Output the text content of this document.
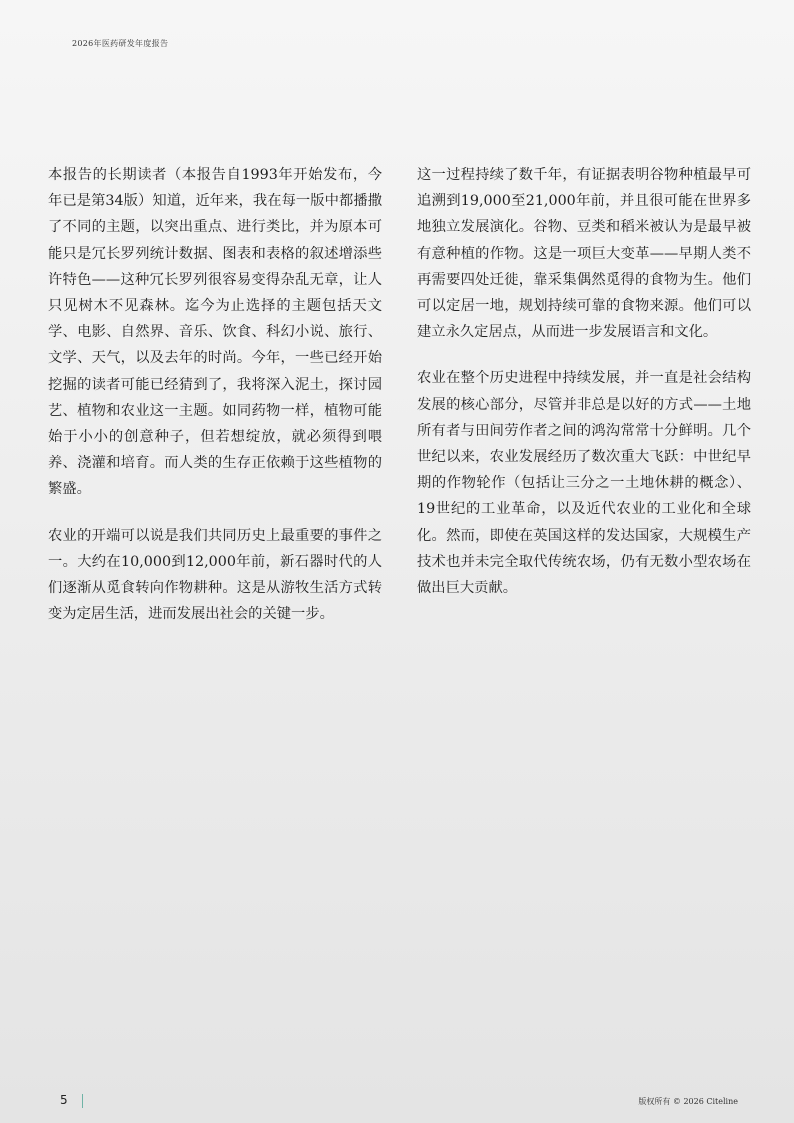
2026年医药研发年度报告

本报告的长期读者（本报告自1993年开始发布，今年已是第34版）知道，近年来，我在每一版中都播撒了不同的主题，以突出重点、进行类比，并为原本可能只是冗长罗列统计数据、图表和表格的叙述增添些许特色——这种冗长罗列很容易变得杂乱无章，让人只见树木不见森林。迄今为止选择的主题包括天文学、电影、自然界、音乐、饮食、科幻小说、旅行、文学、天气，以及去年的时尚。今年，一些已经开始挖掘的读者可能已经猜到了，我将深入泥土，探讨园艺、植物和农业这一主题。如同药物一样，植物可能始于小小的创意种子，但若想绽放，就必须得到喂养、浇灌和培育。而人类的生存正依赖于这些植物的繁盛。

农业的开端可以说是我们共同历史上最重要的事件之一。大约在10,000到12,000年前，新石器时代的人们逐渐从觅食转向作物耕种。这是从游牧生活方式转变为定居生活，进而发展出社会的关键一步。

这一过程持续了数千年，有证据表明谷物种植最早可追溯到19,000至21,000年前，并且很可能在世界多地独立发展演化。谷物、豆类和稻米被认为是最早被有意种植的作物。这是一项巨大变革——早期人类不再需要四处迁徙，靠采集偶然觅得的食物为生。他们可以定居一地，规划持续可靠的食物来源。他们可以建立永久定居点，从而进一步发展语言和文化。

农业在整个历史进程中持续发展，并一直是社会结构发展的核心部分，尽管并非总是以好的方式——土地所有者与田间劳作者之间的鸿沟常常十分鲜明。几个世纪以来，农业发展经历了数次重大飞跃：中世纪早期的作物轮作（包括让三分之一土地休耕的概念）、19世纪的工业革命，以及近代农业的工业化和全球化。然而，即使在英国这样的发达国家，大规模生产技术也并未完全取代传统农场，仍有无数小型农场在做出巨大贡献。

5	版权所有 © 2026 Citeline
